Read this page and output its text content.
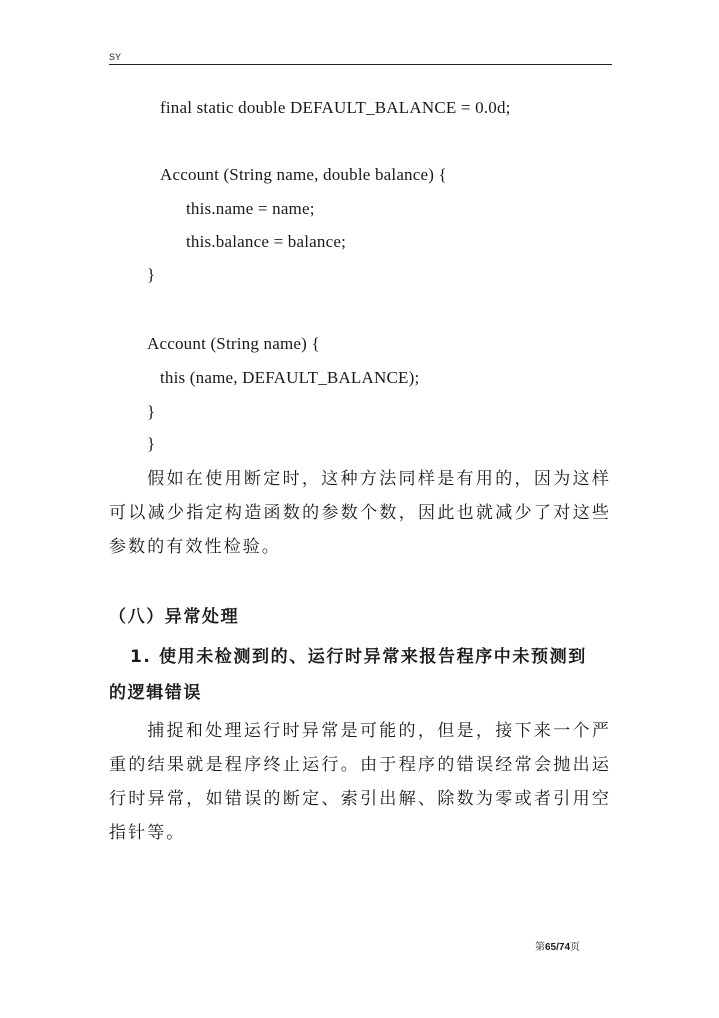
SY
final static double DEFAULT_BALANCE = 0.0d;
Account (String name, double balance) {
this.name = name;
this.balance = balance;
}
Account (String name) {
this (name, DEFAULT_BALANCE);
}
}
假如在使用断定时，这种方法同样是有用的，因为这样可以减少指定构造函数的参数个数，因此也就减少了对这些参数的有效性检验。
（八）异常处理
1. 使用未检测到的、运行时异常来报告程序中未预测到
的逻辑错误
捕捉和处理运行时异常是可能的，但是，接下来一个严重的结果就是程序终止运行。由于程序的错误经常会抛出运行时异常，如错误的断定、索引出解、除数为零或者引用空指针等。
第65/74页
